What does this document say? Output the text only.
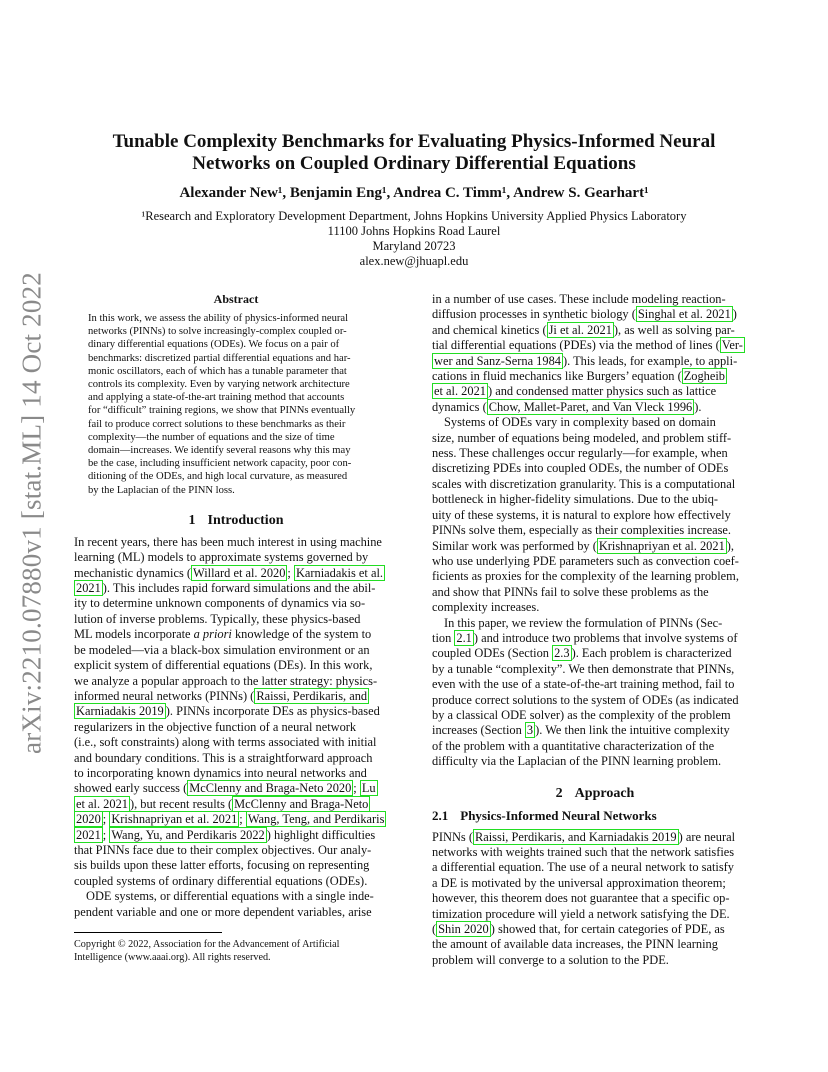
arXiv:2210.07880v1 [stat.ML] 14 Oct 2022
Tunable Complexity Benchmarks for Evaluating Physics-Informed Neural
Networks on Coupled Ordinary Differential Equations
Alexander New¹, Benjamin Eng¹, Andrea C. Timm¹, Andrew S. Gearhart¹
¹Research and Exploratory Development Department, Johns Hopkins University Applied Physics Laboratory
11100 Johns Hopkins Road Laurel
Maryland 20723
alex.new@jhuapl.edu
Abstract
In this work, we assess the ability of physics-informed neural
networks (PINNs) to solve increasingly-complex coupled or-
dinary differential equations (ODEs). We focus on a pair of
benchmarks: discretized partial differential equations and har-
monic oscillators, each of which has a tunable parameter that
controls its complexity. Even by varying network architecture
and applying a state-of-the-art training method that accounts
for “difficult” training regions, we show that PINNs eventually
fail to produce correct solutions to these benchmarks as their
complexity—the number of equations and the size of time
domain—increases. We identify several reasons why this may
be the case, including insufficient network capacity, poor con-
ditioning of the ODEs, and high local curvature, as measured
by the Laplacian of the PINN loss.
1 Introduction
In recent years, there has been much interest in using machine
learning (ML) models to approximate systems governed by
mechanistic dynamics ( Willard et al. 2020 ; Karniadakis et al.
2021 ). This includes rapid forward simulations and the abil-
ity to determine unknown components of dynamics via so-
lution of inverse problems. Typically, these physics-based
ML models incorporate a priori knowledge of the system to
be modeled—via a black-box simulation environment or an
explicit system of differential equations (DEs). In this work,
we analyze a popular approach to the latter strategy: physics-
informed neural networks (PINNs) ( Raissi, Perdikaris, and
Karniadakis 2019 ). PINNs incorporate DEs as physics-based
regularizers in the objective function of a neural network
(i.e., soft constraints) along with terms associated with initial
and boundary conditions. This is a straightforward approach
to incorporating known dynamics into neural networks and
showed early success ( McClenny and Braga-Neto 2020 ; Lu
et al. 2021 ), but recent results ( McClenny and Braga-Neto
2020 ; Krishnapriyan et al. 2021 ; Wang, Teng, and Perdikaris
2021 ; Wang, Yu, and Perdikaris 2022 ) highlight difficulties
that PINNs face due to their complex objectives. Our analy-
sis builds upon these latter efforts, focusing on representing
coupled systems of ordinary differential equations (ODEs).
ODE systems, or differential equations with a single inde-
pendent variable and one or more dependent variables, arise
Copyright © 2022, Association for the Advancement of Artificial
Intelligence (www.aaai.org). All rights reserved.
in a number of use cases. These include modeling reaction-
diffusion processes in synthetic biology ( Singhal et al. 2021 )
and chemical kinetics ( Ji et al. 2021 ), as well as solving par-
tial differential equations (PDEs) via the method of lines ( Ver-
wer and Sanz-Serna 1984 ). This leads, for example, to appli-
cations in fluid mechanics like Burgers’ equation ( Zogheib
et al. 2021 ) and condensed matter physics such as lattice
dynamics ( Chow, Mallet-Paret, and Van Vleck 1996 ).
Systems of ODEs vary in complexity based on domain
size, number of equations being modeled, and problem stiff-
ness. These challenges occur regularly—for example, when
discretizing PDEs into coupled ODEs, the number of ODEs
scales with discretization granularity. This is a computational
bottleneck in higher-fidelity simulations. Due to the ubiq-
uity of these systems, it is natural to explore how effectively
PINNs solve them, especially as their complexities increase.
Similar work was performed by ( Krishnapriyan et al. 2021 ),
who use underlying PDE parameters such as convection coef-
ficients as proxies for the complexity of the learning problem,
and show that PINNs fail to solve these problems as the
complexity increases.
In this paper, we review the formulation of PINNs (Sec-
tion 2.1 ) and introduce two problems that involve systems of
coupled ODEs (Section 2.3 ). Each problem is characterized
by a tunable “complexity”. We then demonstrate that PINNs,
even with the use of a state-of-the-art training method, fail to
produce correct solutions to the system of ODEs (as indicated
by a classical ODE solver) as the complexity of the problem
increases (Section 3 ). We then link the intuitive complexity
of the problem with a quantitative characterization of the
difficulty via the Laplacian of the PINN learning problem.
2 Approach
2.1 Physics-Informed Neural Networks
PINNs ( Raissi, Perdikaris, and Karniadakis 2019 ) are neural
networks with weights trained such that the network satisfies
a differential equation. The use of a neural network to satisfy
a DE is motivated by the universal approximation theorem;
however, this theorem does not guarantee that a specific op-
timization procedure will yield a network satisfying the DE.
( Shin 2020 ) showed that, for certain categories of PDE, as
the amount of available data increases, the PINN learning
problem will converge to a solution to the PDE.
